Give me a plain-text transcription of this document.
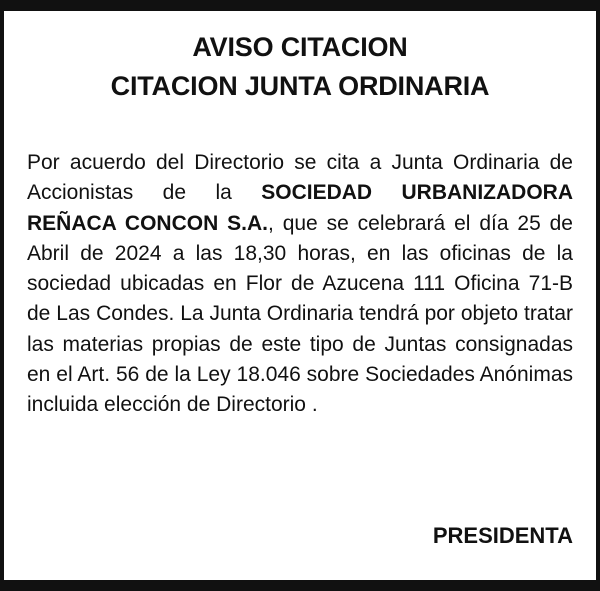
AVISO CITACION
CITACION JUNTA ORDINARIA

Por acuerdo del Directorio se cita a Junta Ordinaria de Accionistas de la SOCIEDAD URBANIZADORA REÑACA CONCON S.A., que se celebrará el día 25 de Abril de 2024 a las 18,30 horas, en las oficinas de la sociedad ubicadas en Flor de Azucena 111 Oficina 71-B de Las Condes. La Junta Ordinaria tendrá por objeto tratar las materias propias de este tipo de Juntas consignadas en el Art. 56 de la Ley 18.046 sobre Sociedades Anónimas incluida elección de Directorio .

PRESIDENTA
